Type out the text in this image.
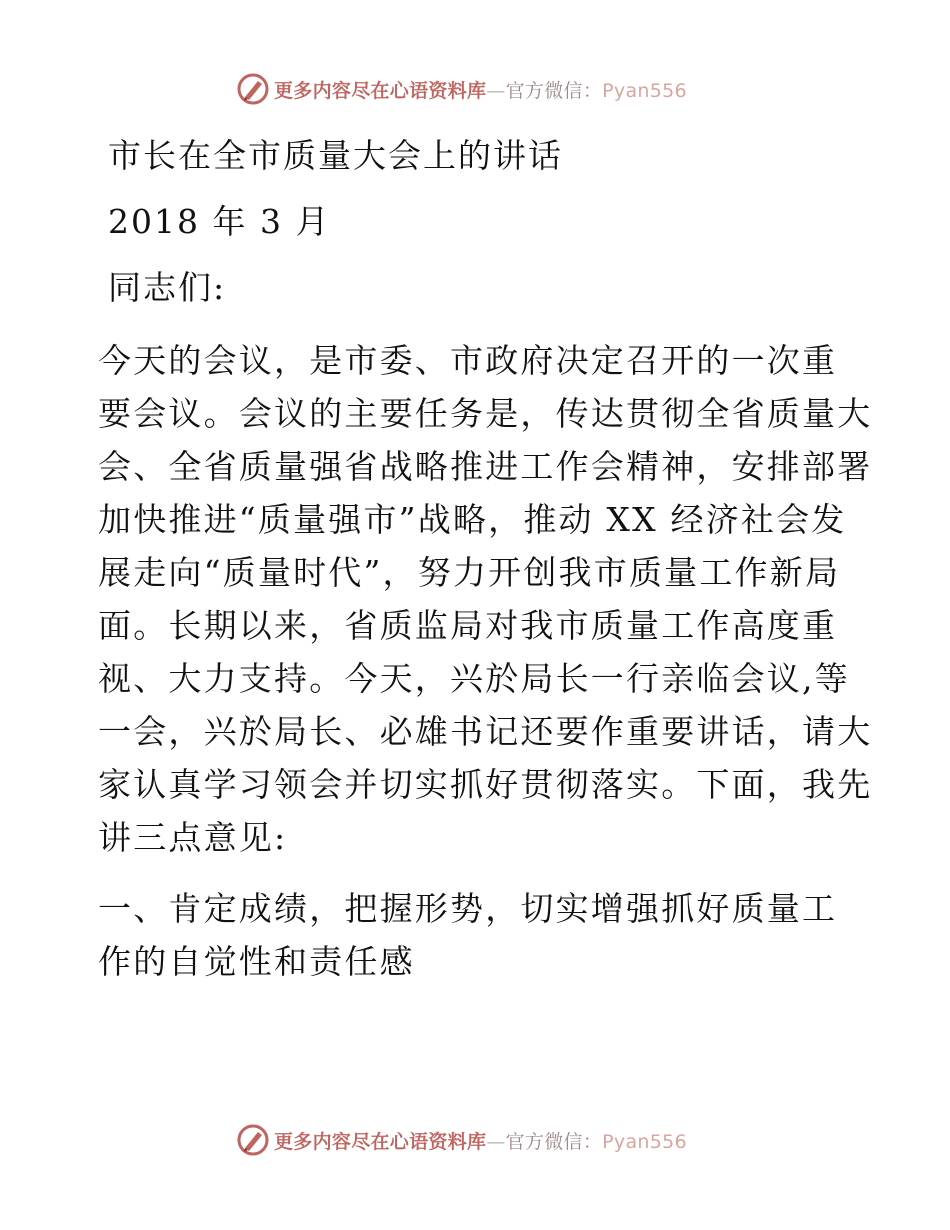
更多内容尽在心语资料库—官方微信：Pyan556
市长在全市质量大会上的讲话
2018 年 3 月
同志们:
今天的会议，是市委、市政府决定召开的一次重
要会议。会议的主要任务是，传达贯彻全省质量大
会、全省质量强省战略推进工作会精神，安排部署
加快推进“质量强市”战略，推动 XX 经济社会发
展走向“质量时代”，努力开创我市质量工作新局
面。长期以来，省质监局对我市质量工作高度重
视、大力支持。今天，兴於局长一行亲临会议,等
一会，兴於局长、必雄书记还要作重要讲话，请大
家认真学习领会并切实抓好贯彻落实。下面，我先
讲三点意见:
一、肯定成绩，把握形势，切实增强抓好质量工
作的自觉性和责任感
更多内容尽在心语资料库—官方微信：Pyan556
